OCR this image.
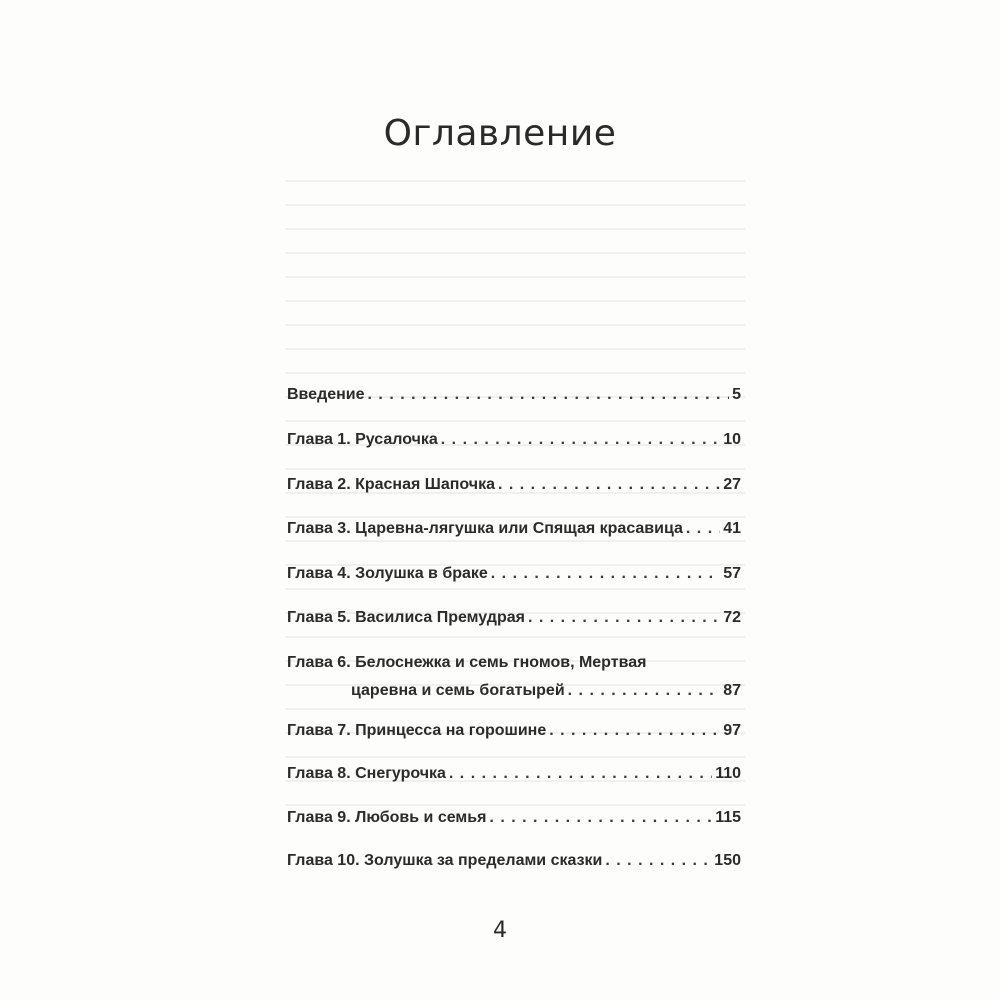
Оглавление
Введение . . .	5
Глава 1. Русалочка . . .	10
Глава 2. Красная Шапочка . . .	27
Глава 3. Царевна-лягушка или Спящая красавица . . .	41
Глава 4. Золушка в браке . . .	57
Глава 5. Василиса Премудрая . . .	72
Глава 6. Белоснежка и семь гномов, Мертвая
царевна и семь богатырей . . .	87
Глава 7. Принцесса на горошине . . .	97
Глава 8. Снегурочка . . .	110
Глава 9. Любовь и семья . . .	115
Глава 10. Золушка за пределами сказки . . .	150
4
